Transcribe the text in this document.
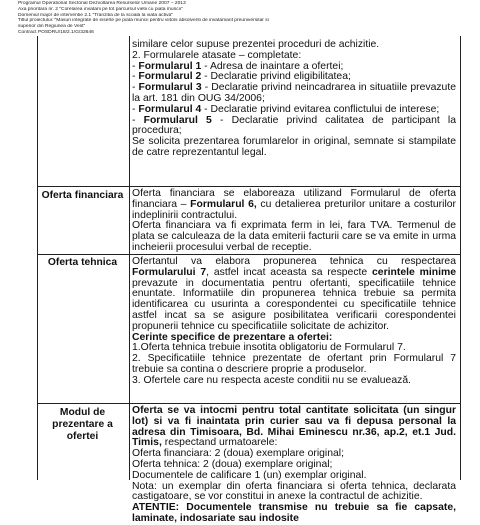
Programul Operational Sectorial Dezvoltarea Resurselor Umane 2007 – 2013
Axa prioritara nr. 2 "Corelarea invatarii pe tot parcursul vietii cu piata muncii"
Domeniul major de interventie 2.1 "Tranzitia de la scoala la viata activa"
Titlul proiectului: "Masuri integrate de inserte pe piata muncii pentru viitorii absolventi de invatamant preuniversitar si
superior din Regiunea de Vest"
Contract POSDRU/18/2.1/G/32646

similare celor supuse prezentei proceduri de achizitie.

2. Formularele atasate – completate:

- Formularul 1 - Adresa de inaintare a ofertei;

- Formularul 2 - Declaratie privind eligibilitatea;

- Formularul 3 - Declaratie privind neincadrarea in situatiile prevazute la art. 181 din OUG 34/2006;

- Formularul 4 - Declaratie privind evitarea conflictului de interese;

- Formularul 5 - Declaratie privind calitatea de participant la procedura;

Se solicita prezentarea forumlarelor in original, semnate si stampilate de catre reprezentantul legal.

Oferta financiara Oferta financiara se elaboreaza utilizand Formularul de oferta financiara – Formularul 6, cu detalierea preturilor unitare a costurilor indeplinirii contractului.

Oferta financiara va fi exprimata ferm in lei, fara TVA. Termenul de plata se calculeaza de la data emiterii facturii care se va emite in urma incheierii procesului verbal de receptie.

Oferta tehnica	Ofertantul va elabora propunerea tehnica cu respectarea Formularului 7, astfel incat aceasta sa respecte cerintele minime prevazute in documentatia pentru ofertanti, specificatiile tehnice enuntate. Informatiile din propunerea tehnica trebuie sa permita identificarea cu usurinta a corespondentei cu specificatiile tehnice astfel incat sa se asigure posibilitatea verificarii corespondentei propunerii tehnice cu specificatiile solicitate de achizitor.

Cerinte specifice de prezentare a ofertei:

1.Oferta tehnica trebuie insotita obligatoriu de Formularul 7.

2. Specificatiile tehnice prezentate de ofertant prin Formularul 7 trebuie sa contina o descriere proprie a produselor.

3. Ofertele care nu respecta aceste conditii nu se evaluează.

Modul de prezentare a ofertei

Oferta se va intocmi pentru total cantitate solicitata (un singur lot) si va fi inaintata prin curier sau va fi depusa personal la adresa din Timisoara, Bd. Mihai Eminescu nr.36, ap.2, et.1 Jud. Timis, respectand urmatoarele:

Oferta financiara: 2 (doua) exemplare original;

Oferta tehnica: 2 (doua) exemplare original;

Documentele de calificare 1 (un) exemplar original.

Nota: un exemplar din oferta financiara si oferta tehnica, declarata castigatoare, se vor constitui in anexe la contractul de achizitie.

ATENTIE: Documentele transmise nu trebuie sa fie capsate, laminate, indosariate sau indosite
